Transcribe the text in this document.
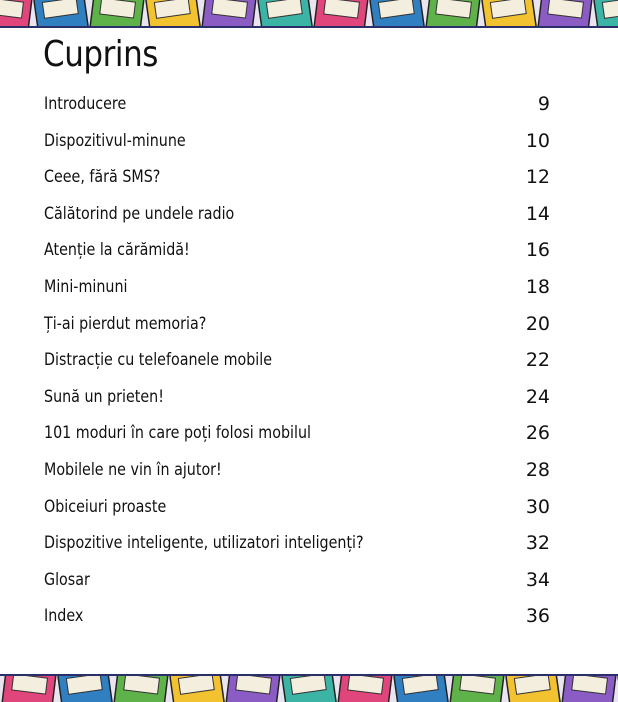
Cuprins
Introducere	9
Dispozitivul-minune	10
Ceee, fără SMS?	12
Călătorind pe undele radio	14
Atenție la cărămidă!	16
Mini-minuni	18
Ți-ai pierdut memoria?	20
Distracție cu telefoanele mobile	22
Sună un prieten!	24
101 moduri în care poți folosi mobilul	26
Mobilele ne vin în ajutor!	28
Obiceiuri proaste	30
Dispozitive inteligente, utilizatori inteligenți?	32
Glosar	34
Index	36
